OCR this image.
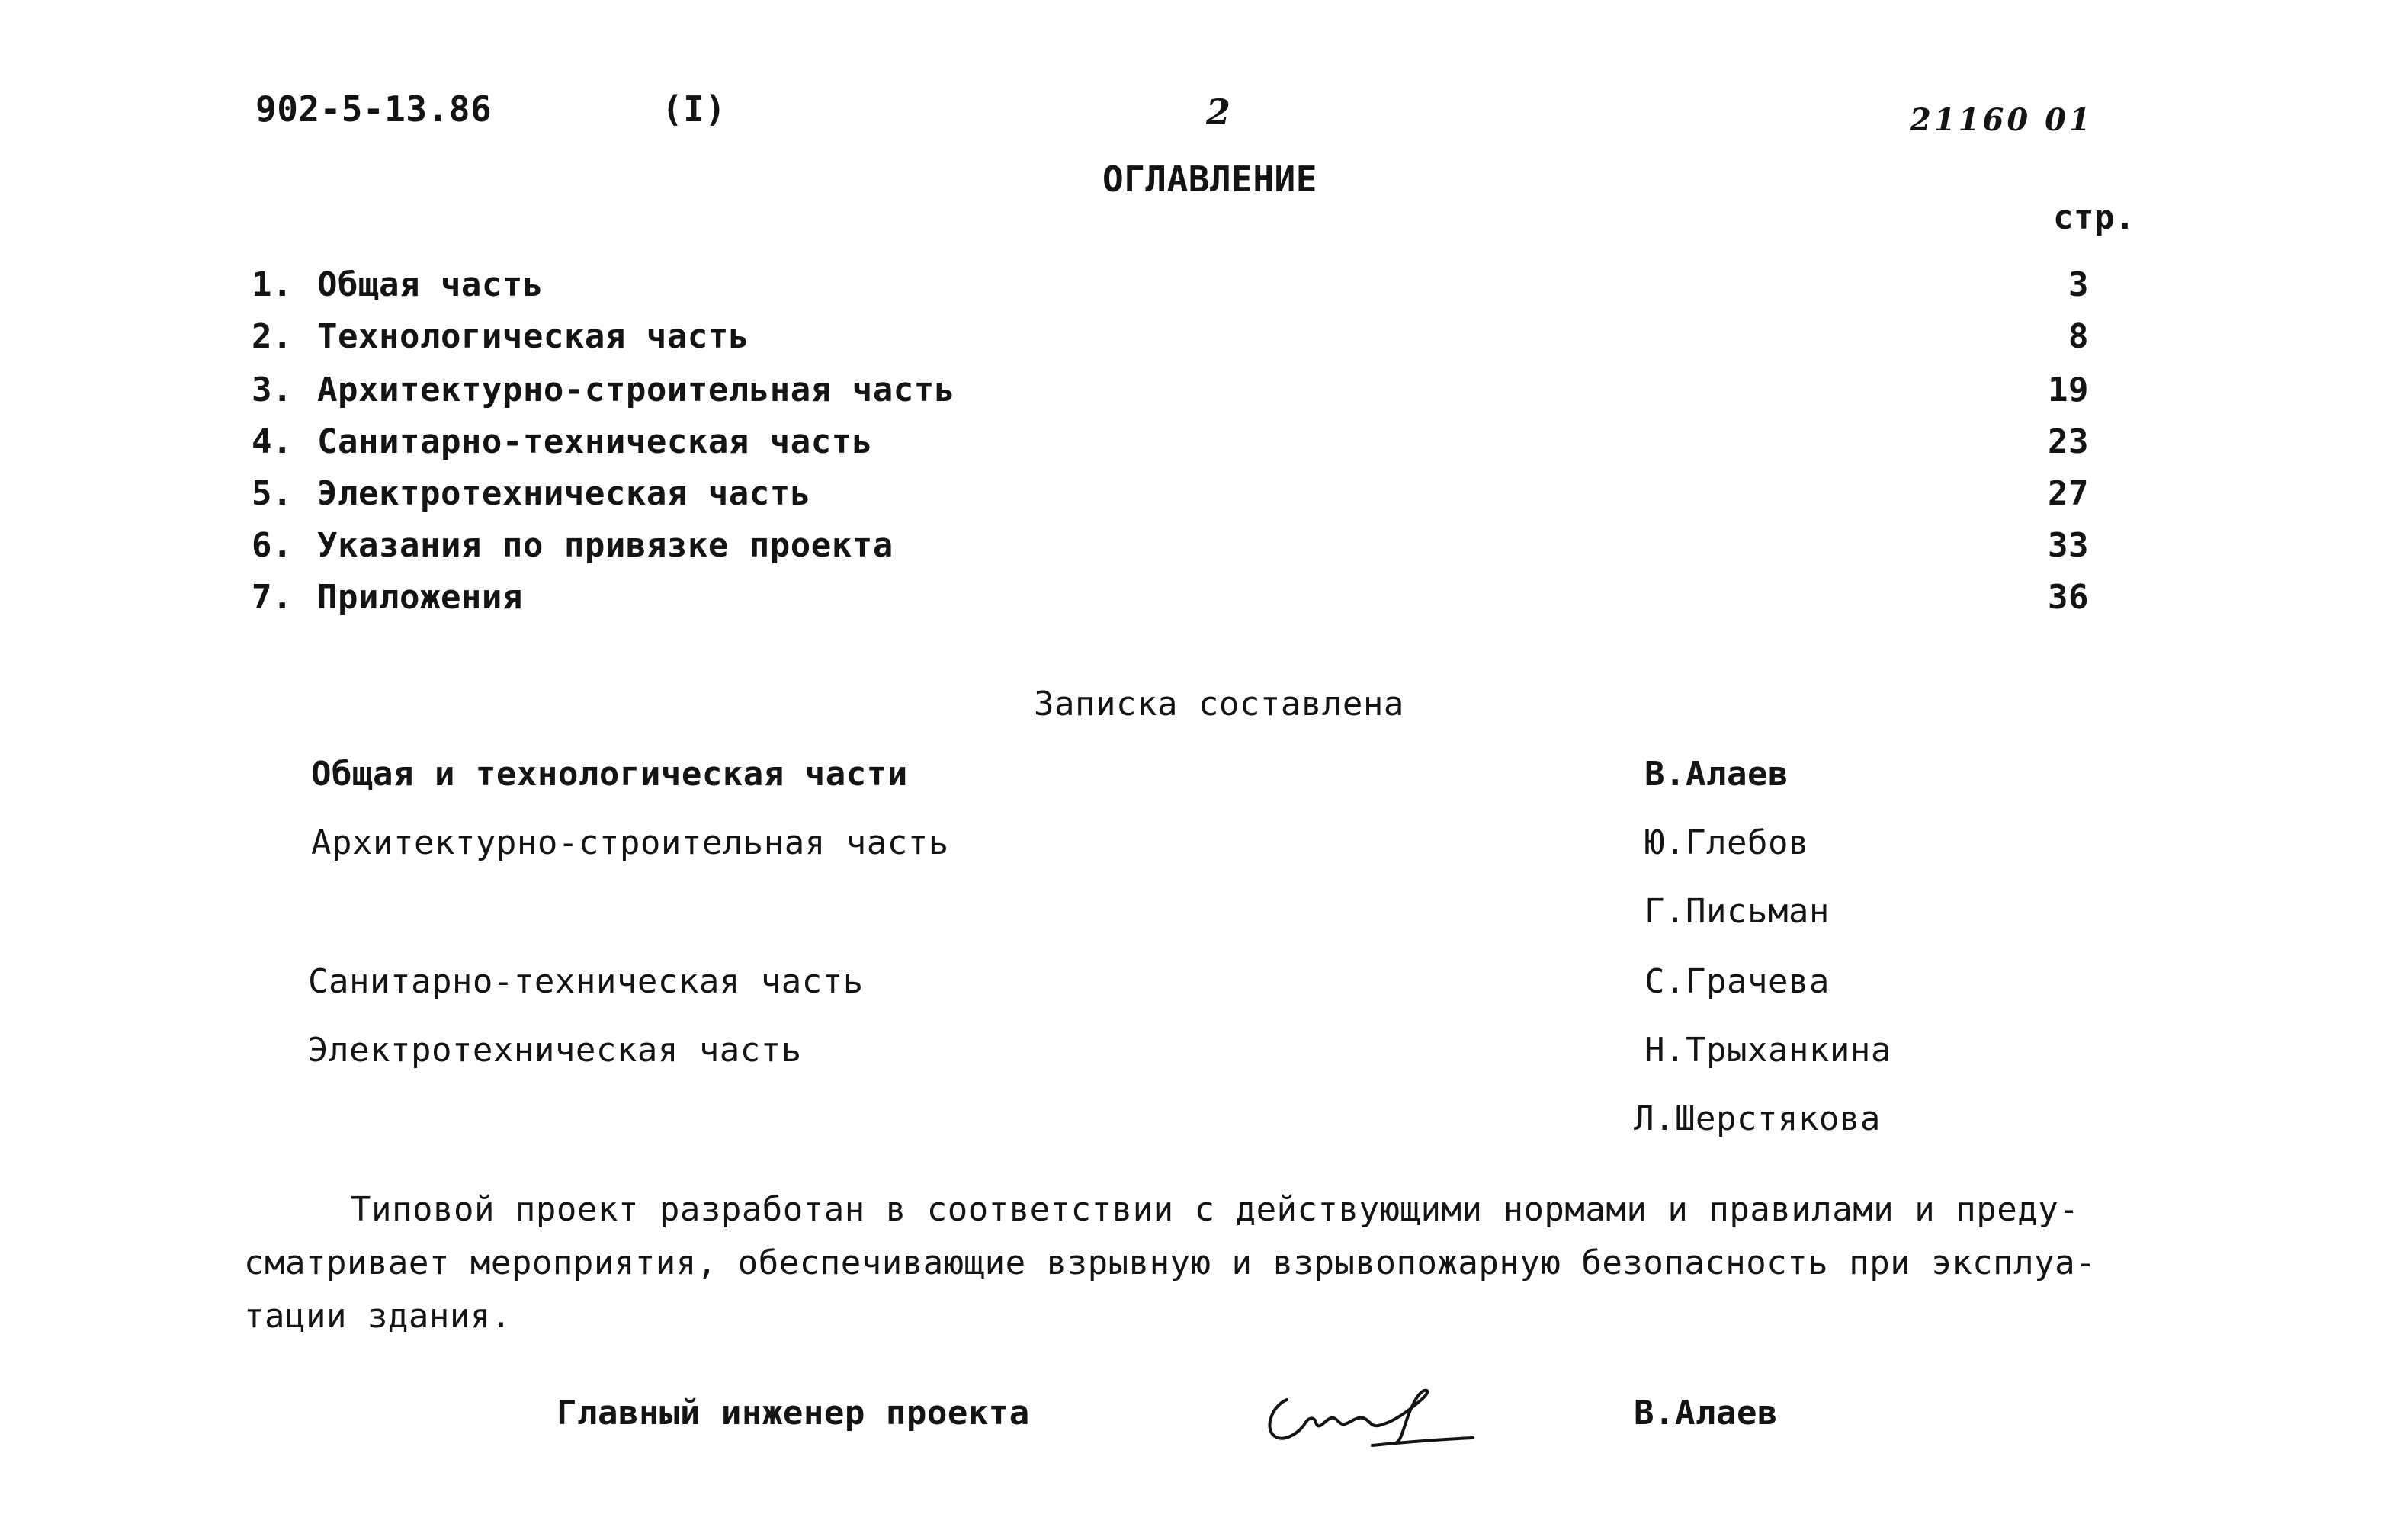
902-5-13.86	(I)	2	21160 01
ОГЛАВЛЕНИЕ
стр.
1. Общая часть	3
2. Технологическая часть	8
3. Архитектурно-строительная часть	19
4. Санитарно-техническая часть	23
5. Электротехническая часть	27
6. Указания по привязке проекта	33
7. Приложения	36
Записка составлена
Общая и технологическая части	В.Алаев
Архитектурно-строительная часть	Ю.Глебов
Г.Письман
Санитарно-техническая часть	С.Грачева
Электротехническая часть	Н.Трыханкина
Л.Шерстякова
Типовой проект разработан в соответствии с действующими нормами и правилами и преду-
сматривает мероприятия, обеспечивающие взрывную и взрывопожарную безопасность при эксплуа-
тации здания.
Главный инженер проекта	В.Алаев
